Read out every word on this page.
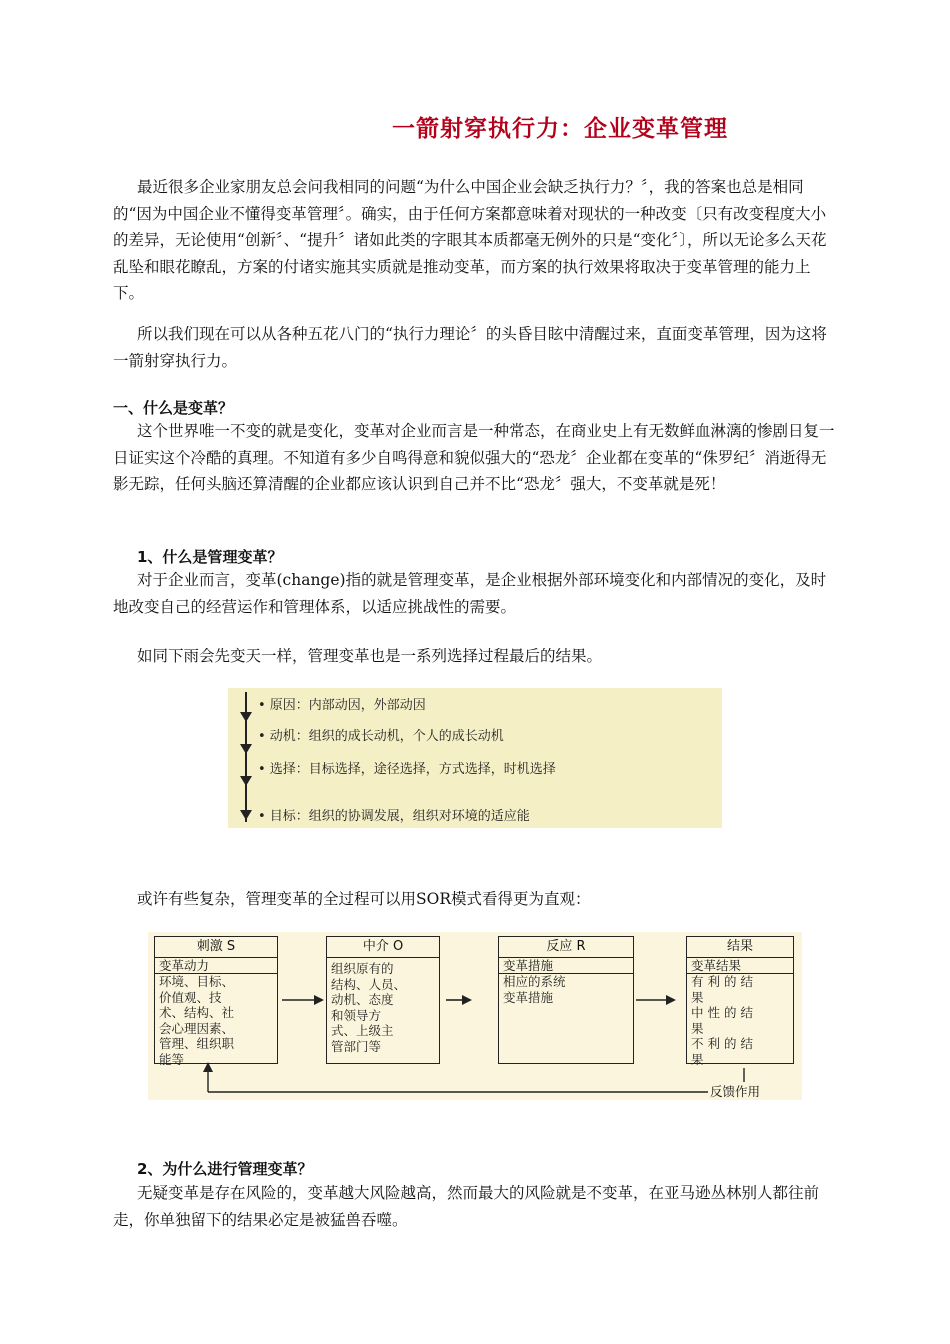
一箭射穿执行力：企业变革管理

最近很多企业家朋友总会问我相同的问题“为什么中国企业会缺乏执行力？〞，我的答案也总是相同的“因为中国企业不懂得变革管理〞。确实，由于任何方案都意味着对现状的一种改变〔只有改变程度大小的差异，无论使用“创新〞、“提升〞诸如此类的字眼其本质都毫无例外的只是“变化〞〕，所以无论多么天花乱坠和眼花瞭乱，方案的付诸实施其实质就是推动变革，而方案的执行效果将取决于变革管理的能力上下。

所以我们现在可以从各种五花八门的“执行力理论〞的头昏目眩中清醒过来，直面变革管理，因为这将一箭射穿执行力。

一、什么是变革？

这个世界唯一不变的就是变化，变革对企业而言是一种常态，在商业史上有无数鲜血淋漓的惨剧日复一日证实这个冷酷的真理。不知道有多少自鸣得意和貌似强大的“恐龙〞企业都在变革的“侏罗纪〞消逝得无影无踪，任何头脑还算清醒的企业都应该认识到自己并不比“恐龙〞强大，不变革就是死！

1、什么是管理变革？

对于企业而言，变革(change)指的就是管理变革，是企业根据外部环境变化和内部情况的变化，及时地改变自己的经营运作和管理体系，以适应挑战性的需要。

如同下雨会先变天一样，管理变革也是一系列选择过程最后的结果。

• 原因：内部动因，外部动因
• 动机：组织的成长动机，个人的成长动机
• 选择：目标选择，途径选择，方式选择，时机选择
• 目标：组织的协调发展，组织对环境的适应能

或许有些复杂，管理变革的全过程可以用SOR模式看得更为直观：

刺激 S
变革动力
环境、目标、
价值观、技
术、结构、社
会心理因素、
管理、组织职
能等
中介 O
组织原有的
结构、人员、
动机、态度
和领导方
式、上级主
管部门等
反应 R
变革措施
相应的系统
变革措施
结果
变革结果
有利的结
果
中性的结
果
不利的结
果
反馈作用
2、为什么进行管理变革？

无疑变革是存在风险的，变革越大风险越高，然而最大的风险就是不变革，在亚马逊丛林别人都往前走，你单独留下的结果必定是被猛兽吞噬。
